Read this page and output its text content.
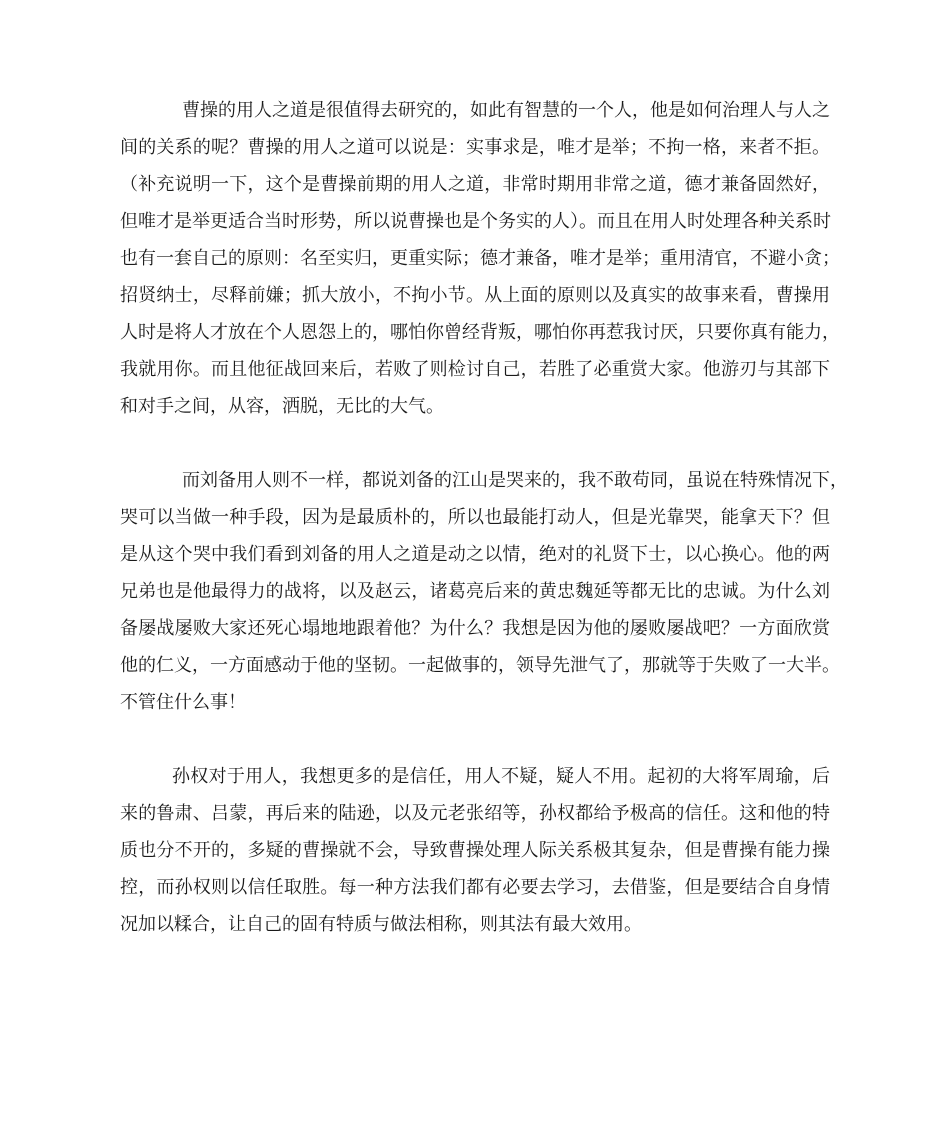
曹操的用人之道是很值得去研究的，如此有智慧的一个人，他是如何治理人与人之
间的关系的呢？曹操的用人之道可以说是：实事求是，唯才是举；不拘一格，来者不拒。
（补充说明一下，这个是曹操前期的用人之道，非常时期用非常之道，德才兼备固然好，
但唯才是举更适合当时形势，所以说曹操也是个务实的人）。而且在用人时处理各种关系时
也有一套自己的原则：名至实归，更重实际；德才兼备，唯才是举；重用清官，不避小贪；
招贤纳士，尽释前嫌；抓大放小，不拘小节。从上面的原则以及真实的故事来看，曹操用
人时是将人才放在个人恩怨上的，哪怕你曾经背叛，哪怕你再惹我讨厌，只要你真有能力，
我就用你。而且他征战回来后，若败了则检讨自己，若胜了必重赏大家。他游刃与其部下
和对手之间，从容，洒脱，无比的大气。
而刘备用人则不一样，都说刘备的江山是哭来的，我不敢苟同，虽说在特殊情况下，
哭可以当做一种手段，因为是最质朴的，所以也最能打动人，但是光靠哭，能拿天下？但
是从这个哭中我们看到刘备的用人之道是动之以情，绝对的礼贤下士，以心换心。他的两
兄弟也是他最得力的战将，以及赵云，诸葛亮后来的黄忠魏延等都无比的忠诚。为什么刘
备屡战屡败大家还死心塌地地跟着他？为什么？我想是因为他的屡败屡战吧？一方面欣赏
他的仁义，一方面感动于他的坚韧。一起做事的，领导先泄气了，那就等于失败了一大半。
不管住什么事！
孙权对于用人，我想更多的是信任，用人不疑，疑人不用。起初的大将军周瑜，后
来的鲁肃、吕蒙，再后来的陆逊，以及元老张绍等，孙权都给予极高的信任。这和他的特
质也分不开的，多疑的曹操就不会，导致曹操处理人际关系极其复杂，但是曹操有能力操
控，而孙权则以信任取胜。每一种方法我们都有必要去学习，去借鉴，但是要结合自身情
况加以糅合，让自己的固有特质与做法相称，则其法有最大效用。
